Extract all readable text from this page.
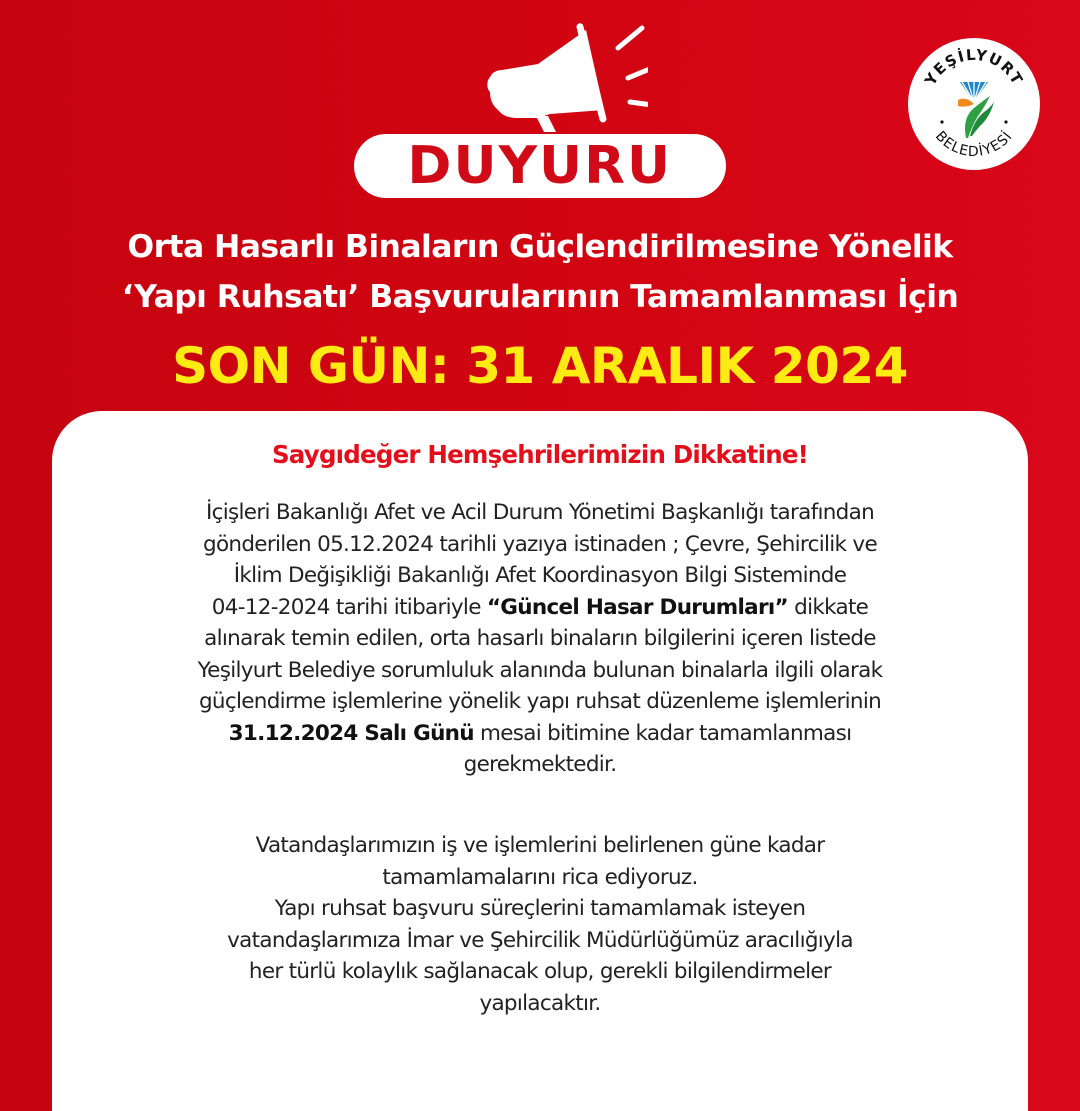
DUYURU
YEŞİLYURT
BELEDİYESİ
Orta Hasarlı Binaların Güçlendirilmesine Yönelik
‘Yapı Ruhsatı’ Başvurularının Tamamlanması İçin
SON GÜN: 31 ARALIK 2024
Saygıdeğer Hemşehrilerimizin Dikkatine!
İçişleri Bakanlığı Afet ve Acil Durum Yönetimi Başkanlığı tarafından
gönderilen 05.12.2024 tarihli yazıya istinaden ; Çevre, Şehircilik ve
İklim Değişikliği Bakanlığı Afet Koordinasyon Bilgi Sisteminde
04-12-2024 tarihi itibariyle “Güncel Hasar Durumları” dikkate
alınarak temin edilen, orta hasarlı binaların bilgilerini içeren listede
Yeşilyurt Belediye sorumluluk alanında bulunan binalarla ilgili olarak
güçlendirme işlemlerine yönelik yapı ruhsat düzenleme işlemlerinin
31.12.2024 Salı Günü mesai bitimine kadar tamamlanması
gerekmektedir.
Vatandaşlarımızın iş ve işlemlerini belirlenen güne kadar
tamamlamalarını rica ediyoruz.
Yapı ruhsat başvuru süreçlerini tamamlamak isteyen
vatandaşlarımıza İmar ve Şehircilik Müdürlüğümüz aracılığıyla
her türlü kolaylık sağlanacak olup, gerekli bilgilendirmeler
yapılacaktır.
